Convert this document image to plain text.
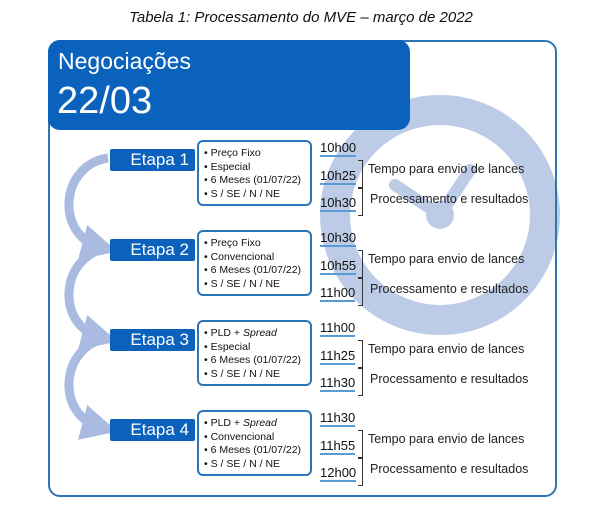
Tabela 1: Processamento do MVE – março de 2022
Negociações
22/03
Etapa 1	• Preço Fixo
• Especial
• 6 Meses (01/07/22)
• S / SE / N / NE
10h00
10h25
10h30
Tempo para envio de lances
Processamento e resultados
Etapa 2	• Preço Fixo
• Convencional
• 6 Meses (01/07/22)
• S / SE / N / NE
10h30
10h55
11h00
Tempo para envio de lances
Processamento e resultados
Etapa 3	• PLD + Spread
• Especial
• 6 Meses (01/07/22)
• S / SE / N / NE
11h00
11h25
11h30
Tempo para envio de lances
Processamento e resultados
Etapa 4	• PLD + Spread
• Convencional
• 6 Meses (01/07/22)
• S / SE / N / NE
11h30
11h55
12h00
Tempo para envio de lances
Processamento e resultados
